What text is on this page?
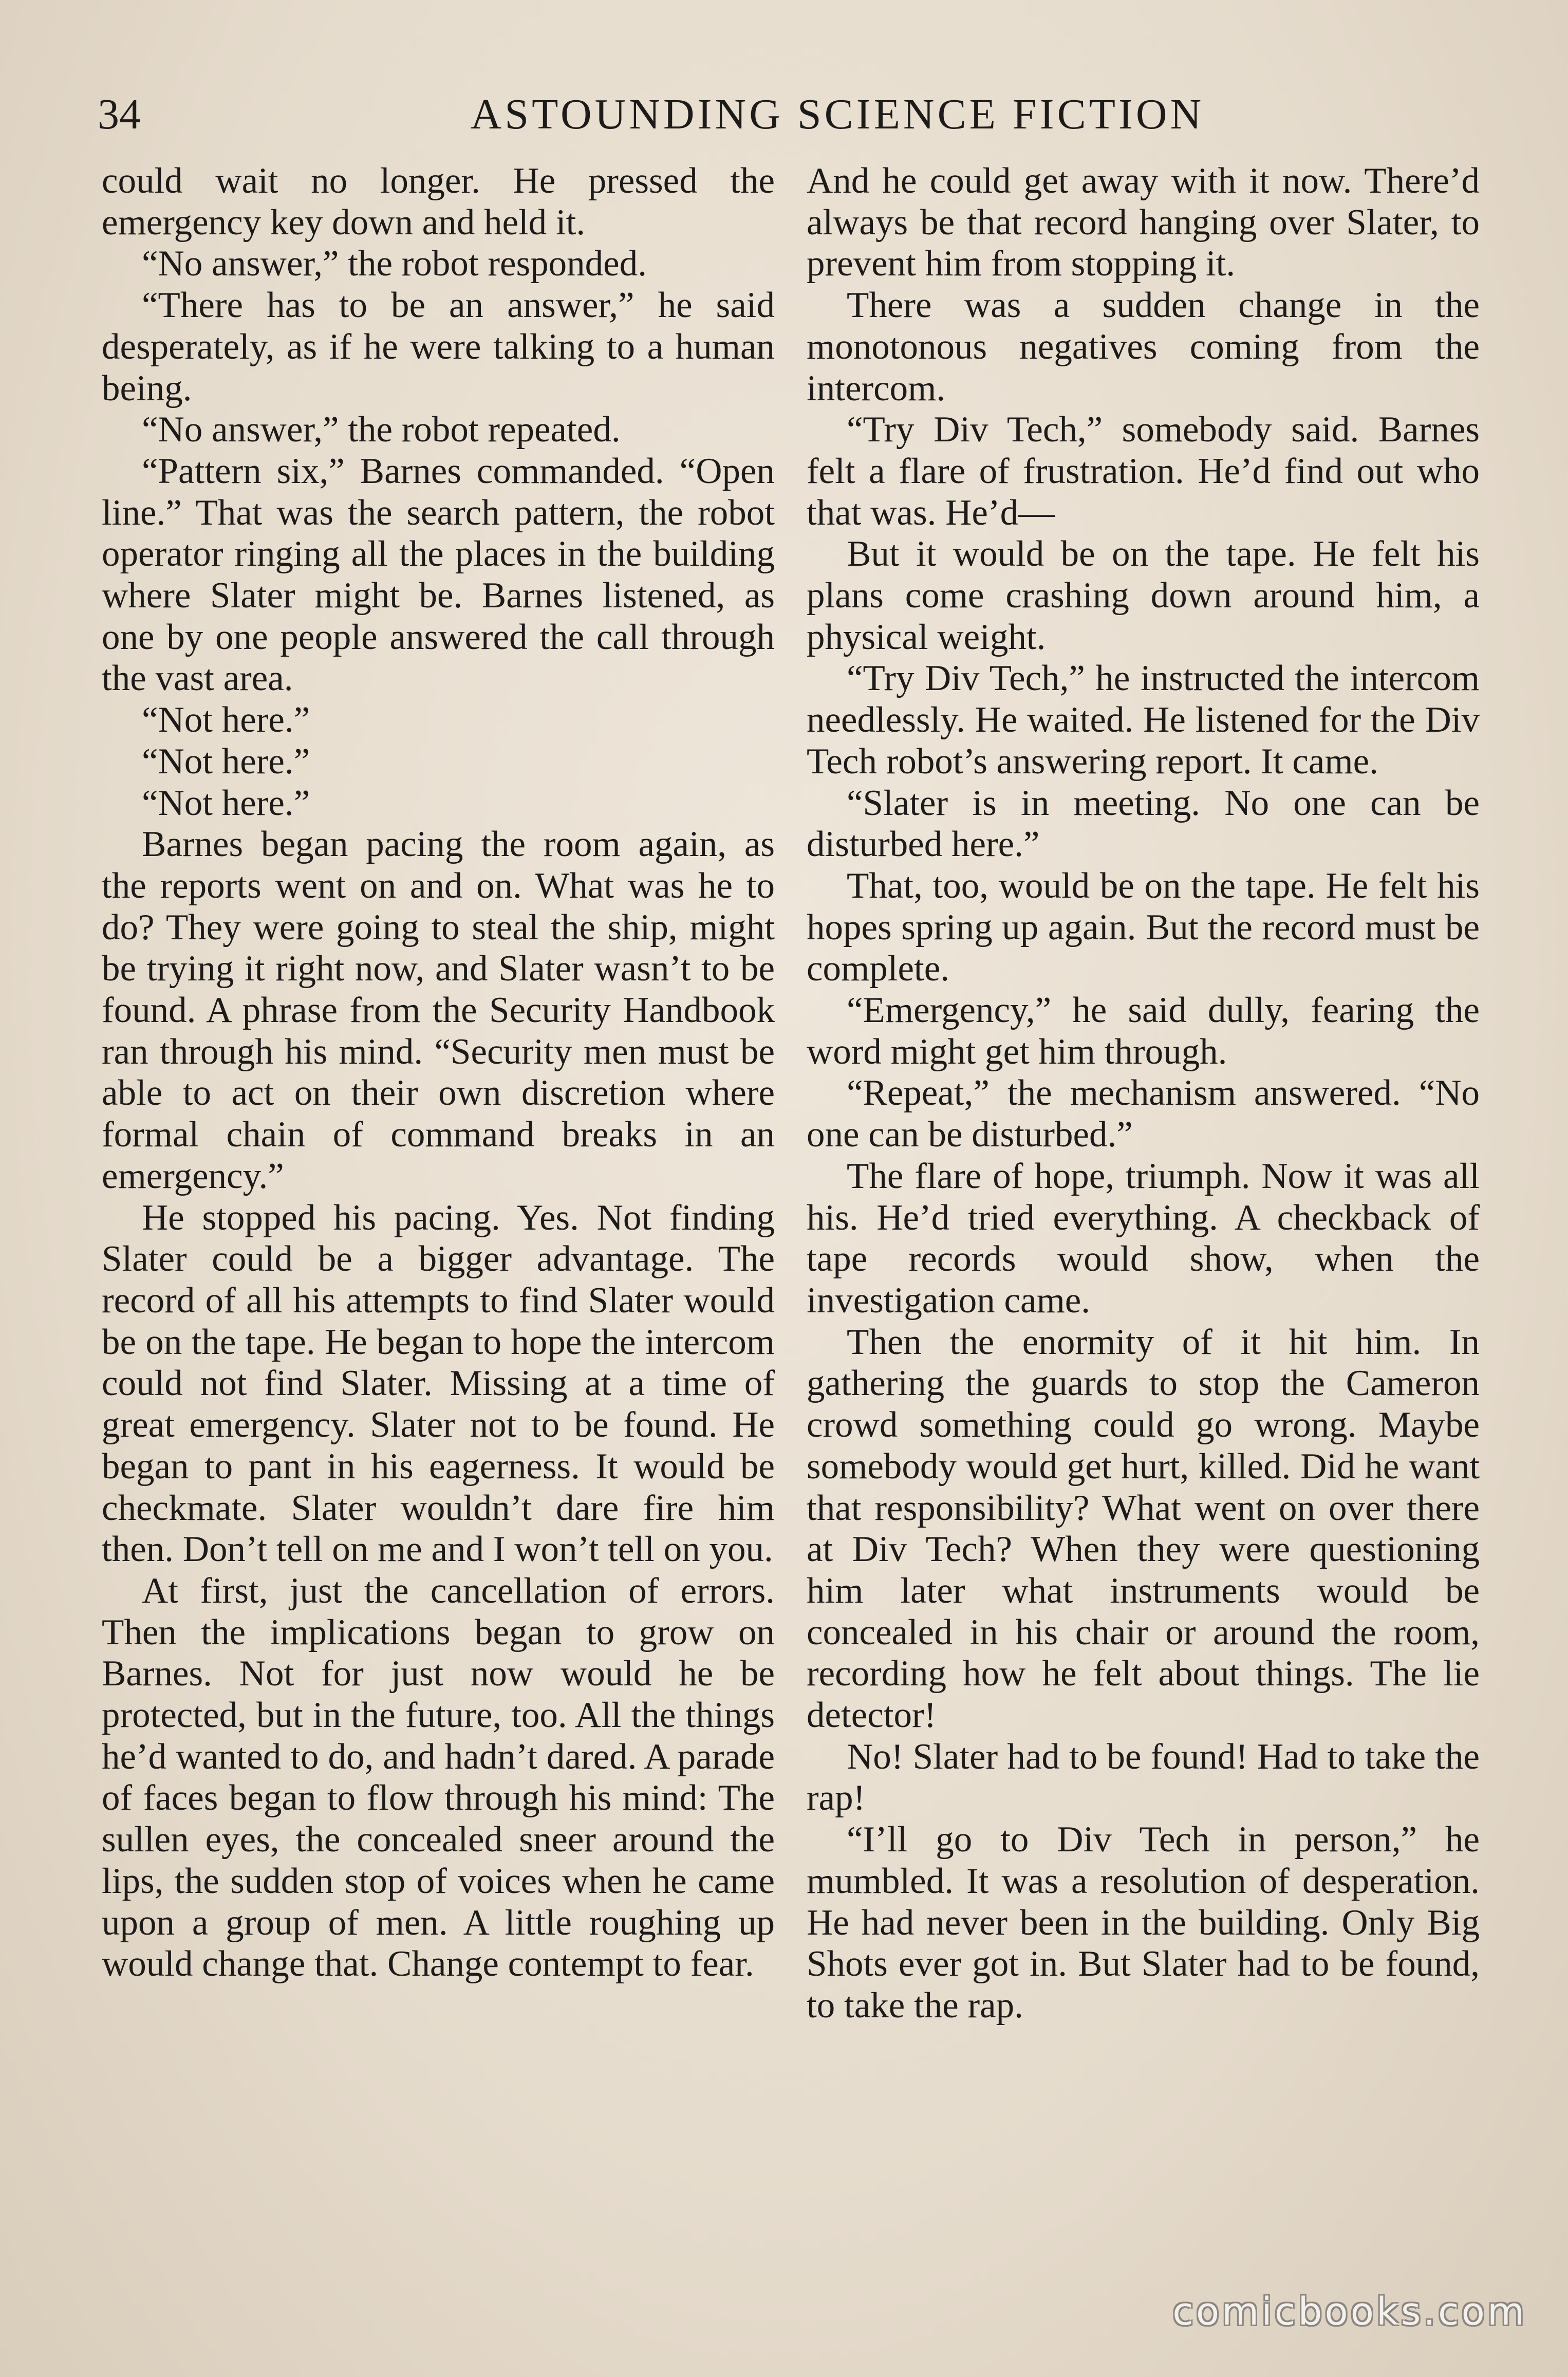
34	ASTOUNDING SCIENCE FICTION

could wait no longer. He pressed the emergency key down and held it.

“No answer,” the robot responded.

“There has to be an answer,” he said desperately, as if he were talking to a human being.

“No answer,” the robot repeated.

“Pattern six,” Barnes commanded. “Open line.” That was the search pattern, the robot operator ringing all the places in the building where Slater might be. Barnes listened, as one by one people answered the call through the vast area.

“Not here.”

“Not here.”

“Not here.”

Barnes began pacing the room again, as the reports went on and on. What was he to do? They were going to steal the ship, might be trying it right now, and Slater wasn’t to be found. A phrase from the Security Handbook ran through his mind. “Security men must be able to act on their own discretion where formal chain of command breaks in an emergency.”

He stopped his pacing. Yes. Not finding Slater could be a bigger advantage. The record of all his attempts to find Slater would be on the tape. He began to hope the intercom could not find Slater. Missing at a time of great emergency. Slater not to be found. He began to pant in his eagerness. It would be checkmate. Slater wouldn’t dare fire him then. Don’t tell on me and I won’t tell on you.

At first, just the cancellation of errors. Then the implications began to grow on Barnes. Not for just now would he be protected, but in the future, too. All the things he’d wanted to do, and hadn’t dared. A parade of faces began to flow through his mind: The sullen eyes, the concealed sneer around the lips, the sudden stop of voices when he came upon a group of men. A little roughing up would change that. Change contempt to fear.

And he could get away with it now. There’d always be that record hanging over Slater, to prevent him from stopping it.

There was a sudden change in the monotonous negatives coming from the intercom.

“Try Div Tech,” somebody said. Barnes felt a flare of frustration. He’d find out who that was. He’d—

But it would be on the tape. He felt his plans come crashing down around him, a physical weight.

“Try Div Tech,” he instructed the intercom needlessly. He waited. He listened for the Div Tech robot’s answering report. It came.

“Slater is in meeting. No one can be disturbed here.”

That, too, would be on the tape. He felt his hopes spring up again. But the record must be complete.

“Emergency,” he said dully, fearing the word might get him through.

“Repeat,” the mechanism answered. “No one can be disturbed.”

The flare of hope, triumph. Now it was all his. He’d tried everything. A checkback of tape records would show, when the investigation came.

Then the enormity of it hit him. In gathering the guards to stop the Cameron crowd something could go wrong. Maybe somebody would get hurt, killed. Did he want that responsibility? What went on over there at Div Tech? When they were questioning him later what instruments would be concealed in his chair or around the room, recording how he felt about things. The lie detector!

No! Slater had to be found! Had to take the rap!

“I’ll go to Div Tech in person,” he mumbled. It was a resolution of desperation. He had never been in the building. Only Big Shots ever got in. But Slater had to be found, to take the rap.

comicbooks.com
